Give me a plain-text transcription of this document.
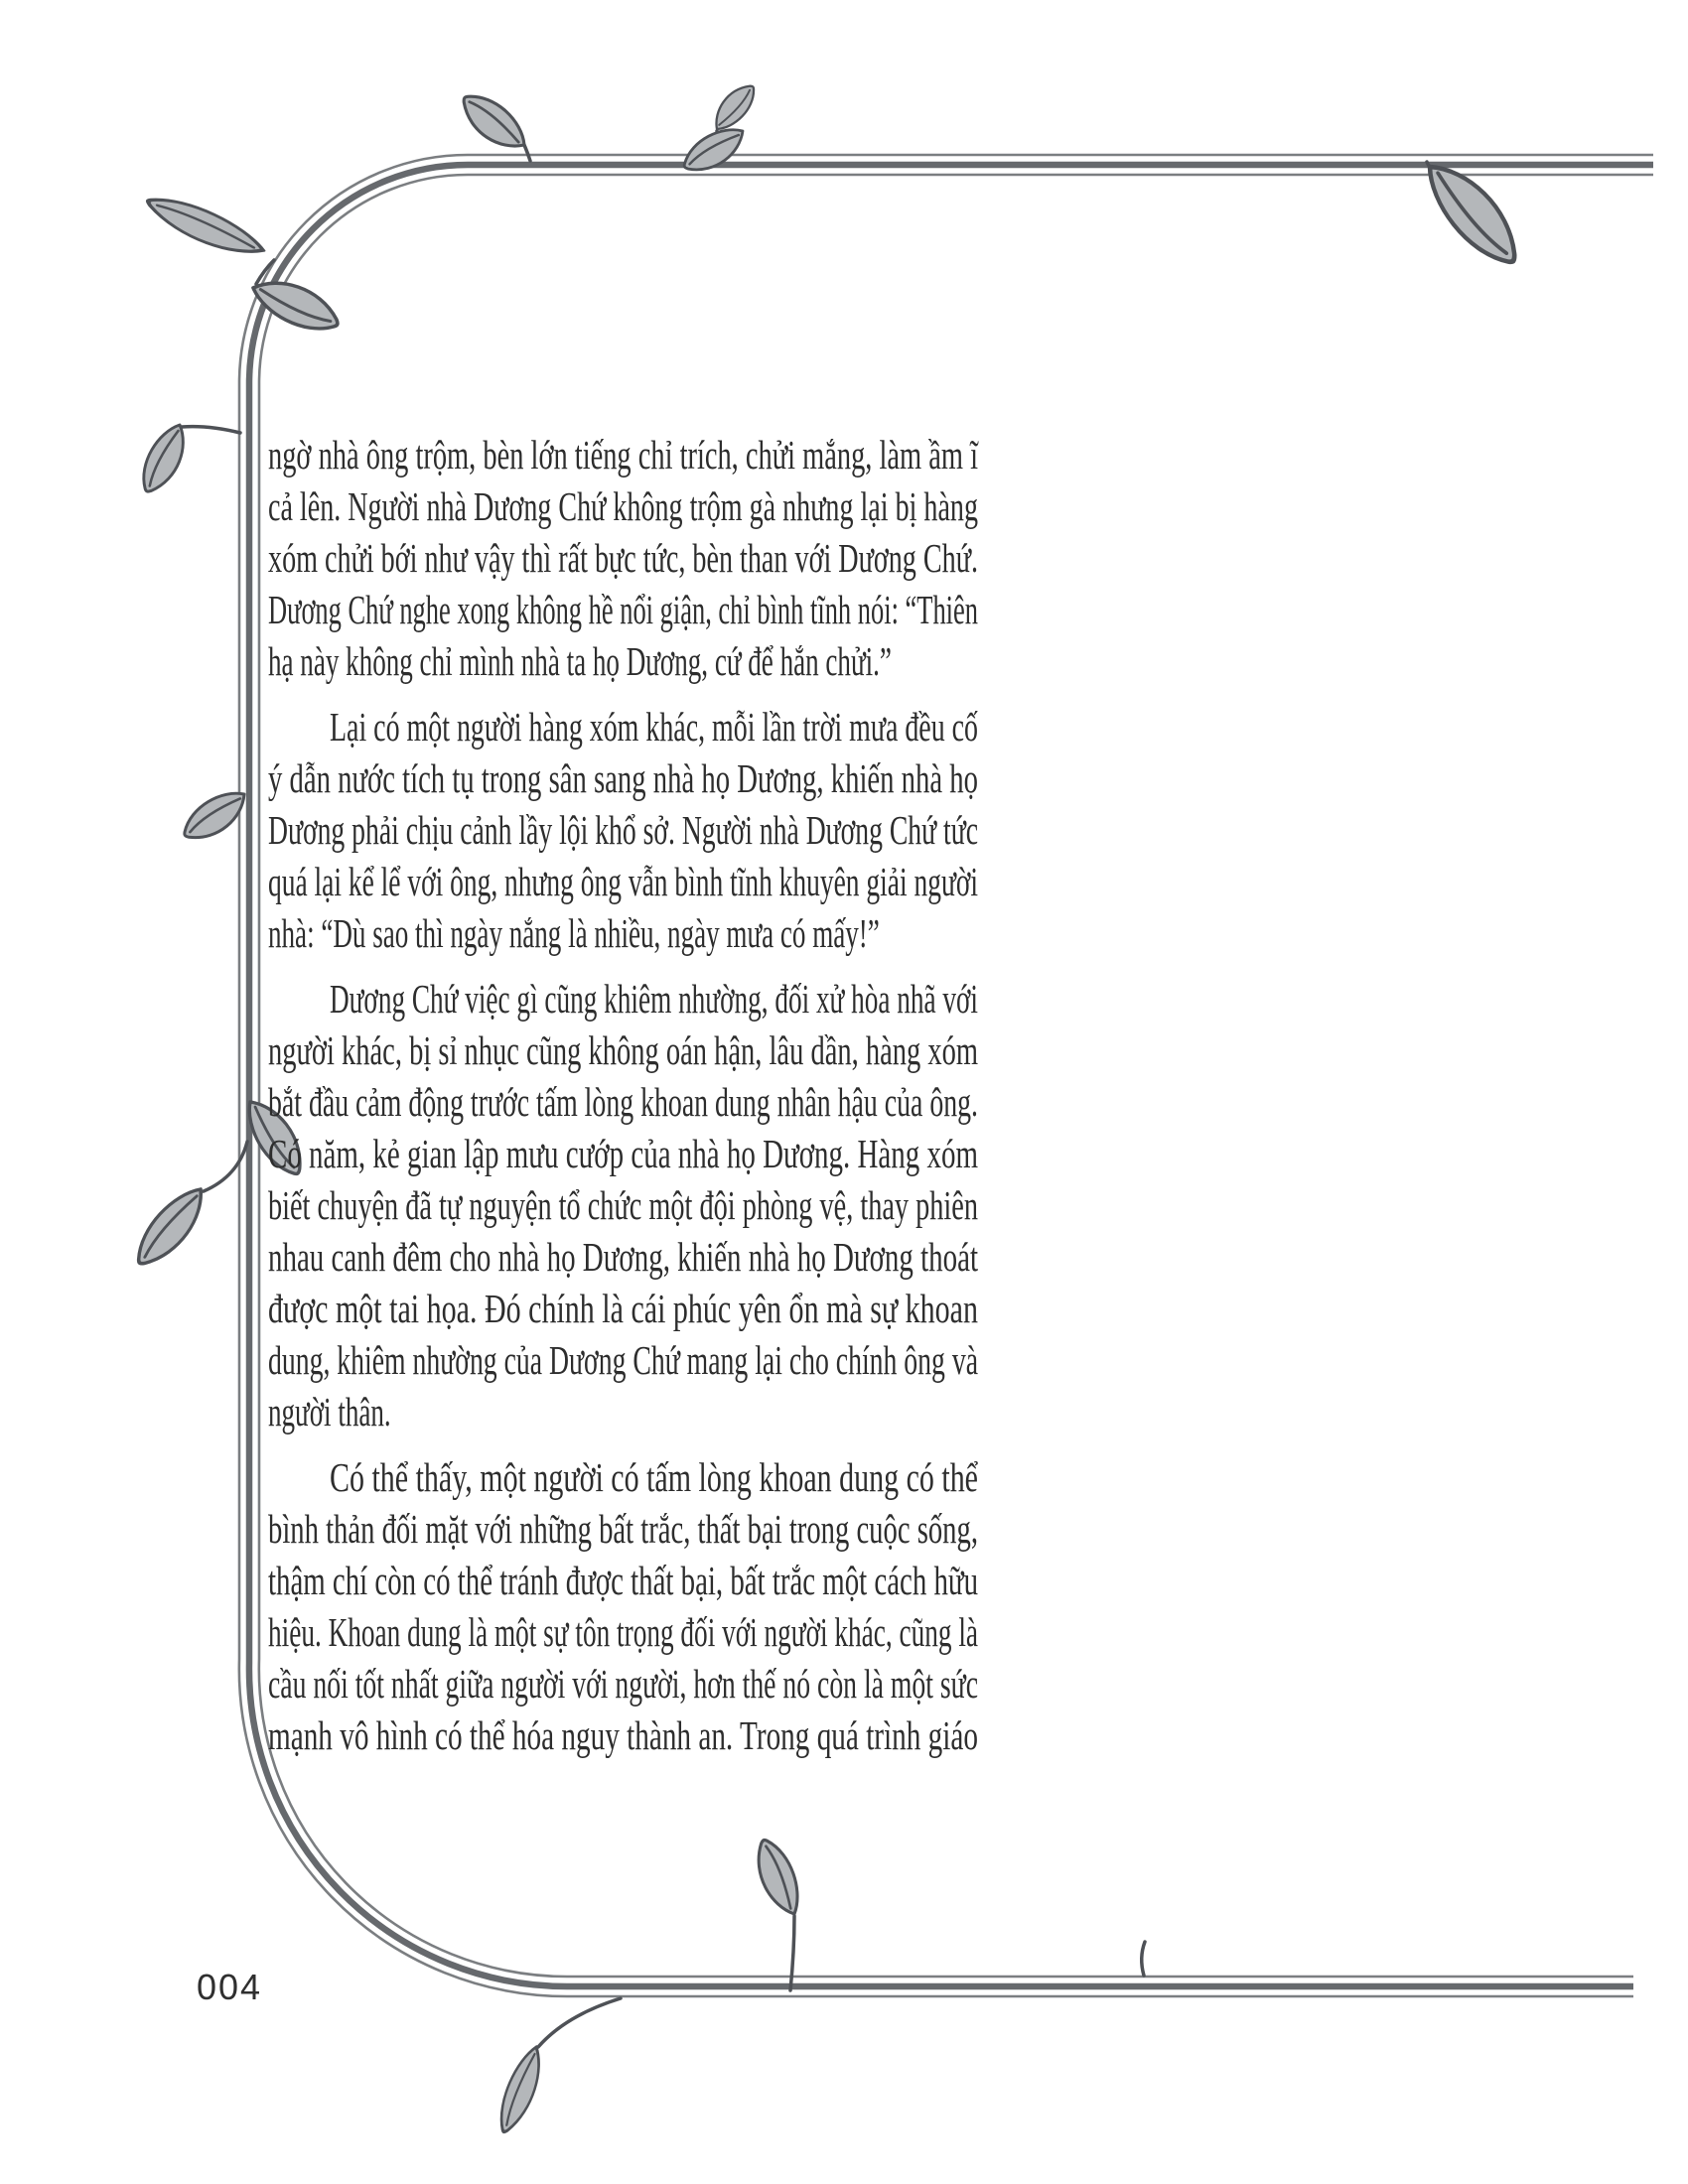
ngờ nhà ông trộm, bèn lớn tiếng chỉ trích, chửi mắng, làm ầm ĩ
cả lên. Người nhà Dương Chứ không trộm gà nhưng lại bị hàng
xóm chửi bới như vậy thì rất bực tức, bèn than với Dương Chứ.
Dương Chứ nghe xong không hề nổi giận, chỉ bình tĩnh nói: “Thiên
hạ này không chỉ mình nhà ta họ Dương, cứ để hắn chửi.”
Lại có một người hàng xóm khác, mỗi lần trời mưa đều cố
ý dẫn nước tích tụ trong sân sang nhà họ Dương, khiến nhà họ
Dương phải chịu cảnh lầy lội khổ sở. Người nhà Dương Chứ tức
quá lại kể lể với ông, nhưng ông vẫn bình tĩnh khuyên giải người
nhà: “Dù sao thì ngày nắng là nhiều, ngày mưa có mấy!”
Dương Chứ việc gì cũng khiêm nhường, đối xử hòa nhã với
người khác, bị sỉ nhục cũng không oán hận, lâu dần, hàng xóm
bắt đầu cảm động trước tấm lòng khoan dung nhân hậu của ông.
Có năm, kẻ gian lập mưu cướp của nhà họ Dương. Hàng xóm
biết chuyện đã tự nguyện tổ chức một đội phòng vệ, thay phiên
nhau canh đêm cho nhà họ Dương, khiến nhà họ Dương thoát
được một tai họa. Đó chính là cái phúc yên ổn mà sự khoan
dung, khiêm nhường của Dương Chứ mang lại cho chính ông và
người thân.
Có thể thấy, một người có tấm lòng khoan dung có thể
bình thản đối mặt với những bất trắc, thất bại trong cuộc sống,
thậm chí còn có thể tránh được thất bại, bất trắc một cách hữu
hiệu. Khoan dung là một sự tôn trọng đối với người khác, cũng là
cầu nối tốt nhất giữa người với người, hơn thế nó còn là một sức
mạnh vô hình có thể hóa nguy thành an. Trong quá trình giáo
004
